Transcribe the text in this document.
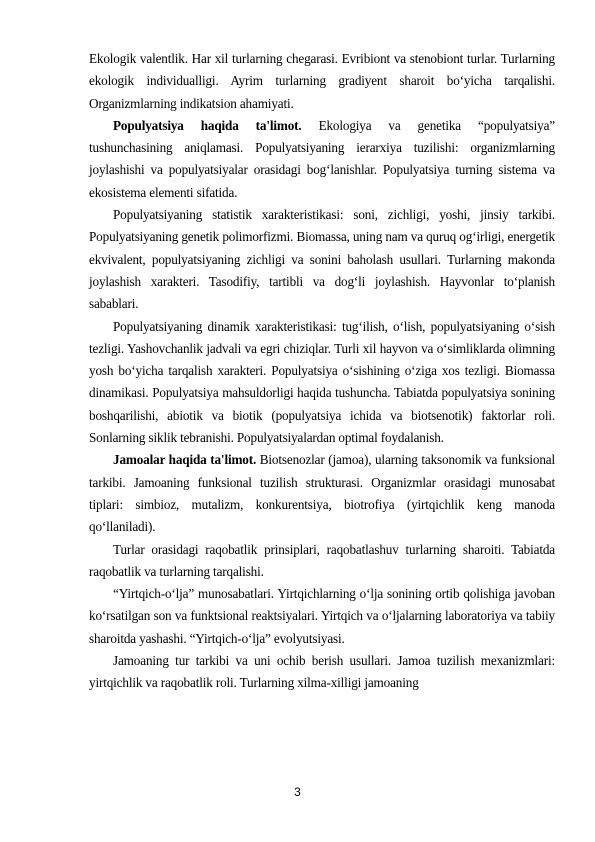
Ekologik valentlik. Har xil turlarning chegarasi. Evribiont va stenobiont turlar. Turlarning ekologik individualligi. Ayrim turlarning gradiyent sharoit boʻyicha tarqalishi. Organizmlarning indikatsion ahamiyati.

Populyatsiya haqida ta'limot. Ekologiya va genetika “populyatsiya” tushunchasining aniqlamasi. Populyatsiyaning ierarxiya tuzilishi: organizmlarning joylashishi va populyatsiyalar orasidagi bogʻlanishlar. Populyatsiya turning sistema va ekosistema elementi sifatida.

Populyatsiyaning statistik xarakteristikasi: soni, zichligi, yoshi, jinsiy tarkibi. Populyatsiyaning genetik polimorfizmi. Biomassa, uning nam va quruq ogʻirligi, energetik ekvivalent, populyatsiyaning zichligi va sonini baholash usullari. Turlarning makonda joylashish xarakteri. Tasodifiy, tartibli va dogʻli joylashish. Hayvonlar toʻplanish sabablari.

Populyatsiyaning dinamik xarakteristikasi: tugʻilish, oʻlish, populyatsiyaning oʻsish tezligi. Yashovchanlik jadvali va egri chiziqlar. Turli xil hayvon va oʻsimliklarda olimning yosh boʻyicha tarqalish xarakteri. Populyatsiya oʻsishining oʻziga xos tezligi. Biomassa dinamikasi. Populyatsiya mahsuldorligi haqida tushuncha. Tabiatda populyatsiya sonining boshqarilishi, abiotik va biotik (populyatsiya ichida va biotsenotik) faktorlar roli. Sonlarning siklik tebranishi. Populyatsiyalardan optimal foydalanish.

Jamoalar haqida ta'limot. Biotsenozlar (jamoa), ularning taksonomik va funksional tarkibi. Jamoaning funksional tuzilish strukturasi. Organizmlar orasidagi munosabat tiplari: simbioz, mutalizm, konkurentsiya, biotrofiya (yirtqichlik keng manoda qoʻllaniladi).

Turlar orasidagi raqobatlik prinsiplari, raqobatlashuv turlarning sharoiti. Tabiatda raqobatlik va turlarning tarqalishi.

“Yirtqich-oʻlja” munosabatlari. Yirtqichlarning oʻlja sonining ortib qolishiga javoban koʻrsatilgan son va funktsional reaktsiyalari. Yirtqich va oʻljalarning laboratoriya va tabiiy sharoitda yashashi. “Yirtqich-oʻlja” evolyutsiyasi.

Jamoaning tur tarkibi va uni ochib berish usullari. Jamoa tuzilish mexanizmlari: yirtqichlik va raqobatlik roli. Turlarning xilma-xilligi jamoaning

3
